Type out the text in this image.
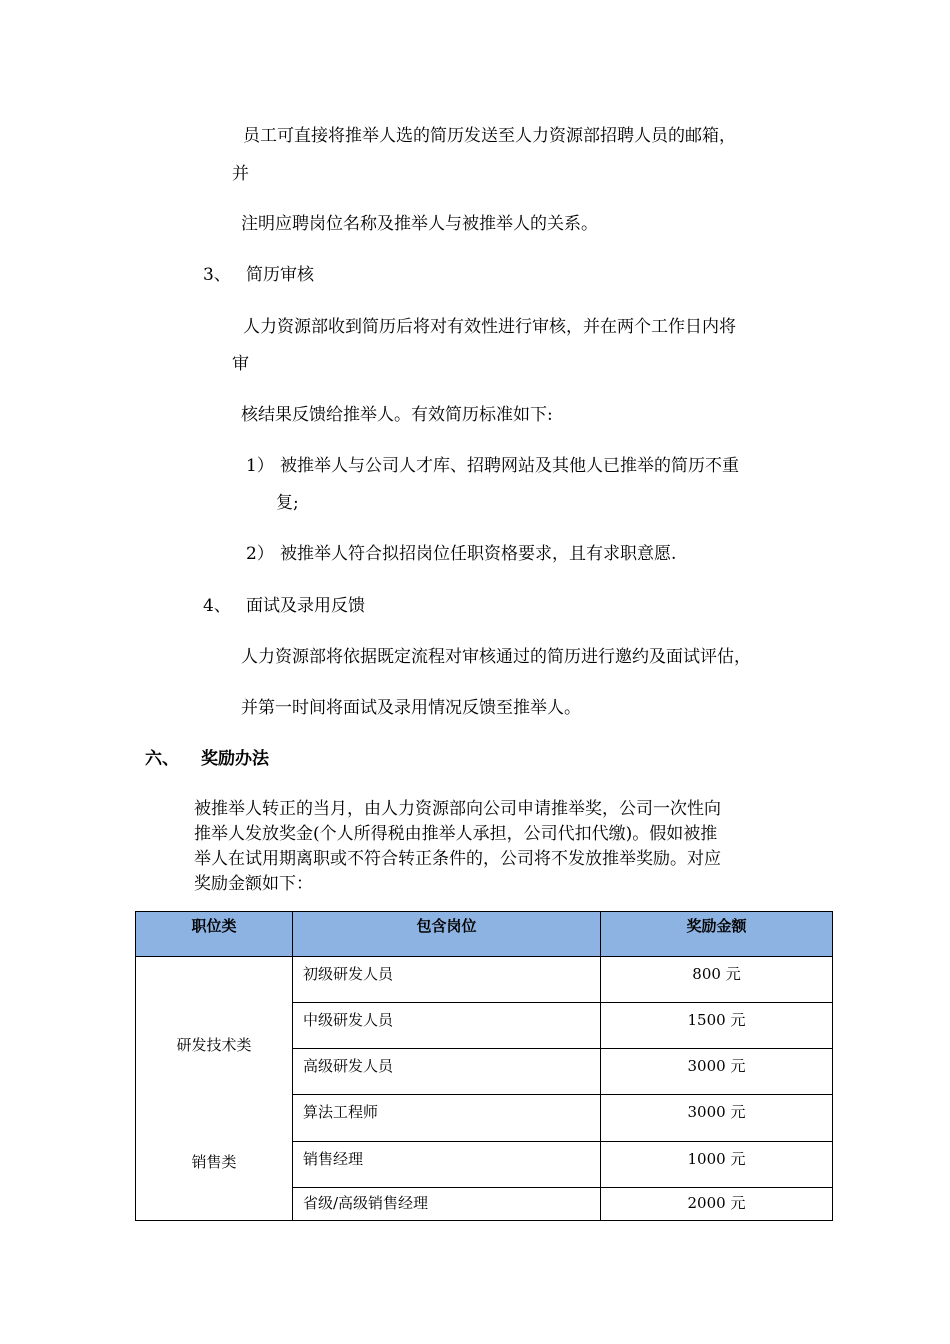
员工可直接将推举人选的简历发送至人力资源部招聘人员的邮箱，
并
注明应聘岗位名称及推举人与被推举人的关系。
3、 简历审核
人力资源部收到简历后将对有效性进行审核，并在两个工作日内将
审
核结果反馈给推举人。有效简历标准如下:
1） 被推举人与公司人才库、招聘网站及其他人已推举的简历不重
复;
2） 被推举人符合拟招岗位任职资格要求，且有求职意愿.
4、 面试及录用反馈
人力资源部将依据既定流程对审核通过的简历进行邀约及面试评估，
并第一时间将面试及录用情况反馈至推举人。
六、 奖励办法
被推举人转正的当月，由人力资源部向公司申请推举奖，公司一次性向
推举人发放奖金(个人所得税由推举人承担，公司代扣代缴)。假如被推
举人在试用期离职或不符合转正条件的，公司将不发放推举奖励。对应
奖励金额如下：
职位类	包含岗位	奖励金额

研发技术类	初级研发人员	800 元
	中级研发人员	1500 元
	高级研发人员	3000 元
	算法工程师	3000 元

销售类	销售经理	1000 元
	省级/高级销售经理	2000 元
